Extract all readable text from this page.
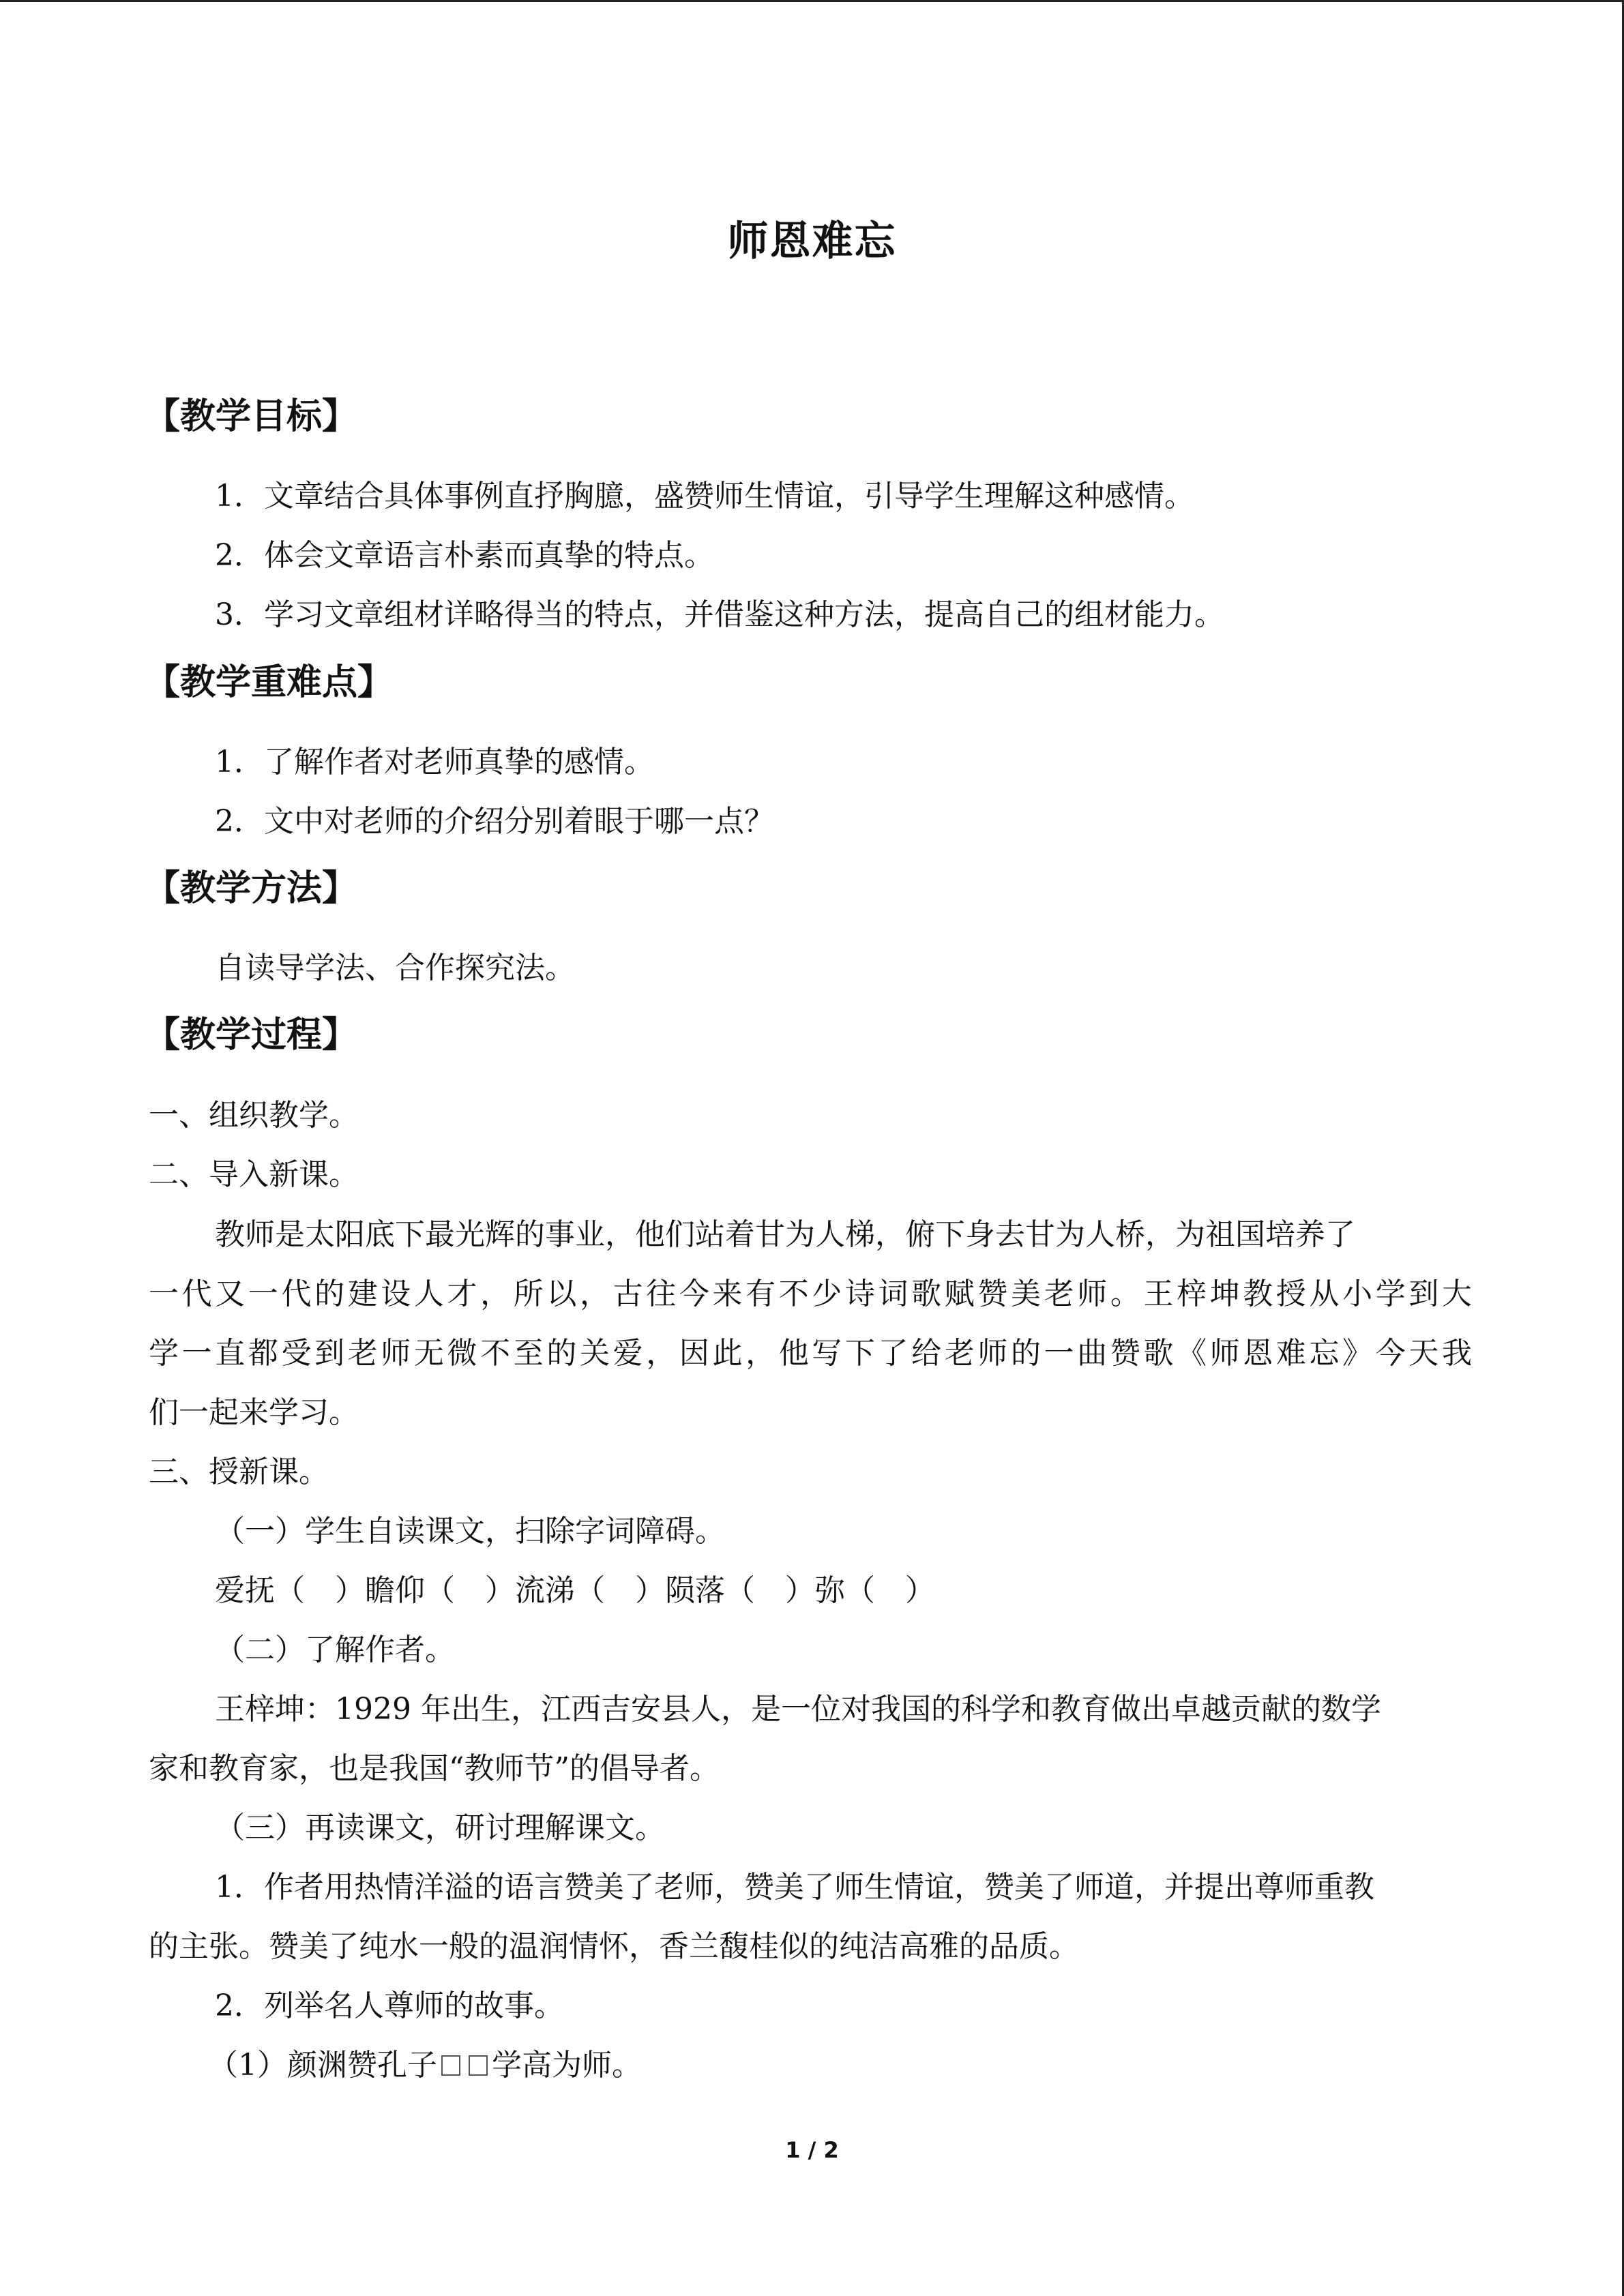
师恩难忘
【教学目标】
1．文章结合具体事例直抒胸臆，盛赞师生情谊，引导学生理解这种感情。
2．体会文章语言朴素而真挚的特点。
3．学习文章组材详略得当的特点，并借鉴这种方法，提高自己的组材能力。
【教学重难点】
1．了解作者对老师真挚的感情。
2．文中对老师的介绍分别着眼于哪一点？
【教学方法】
自读导学法、合作探究法。
【教学过程】
一、组织教学。
二、导入新课。
教师是太阳底下最光辉的事业，他们站着甘为人梯，俯下身去甘为人桥，为祖国培养了
一代又一代的建设人才，所以，古往今来有不少诗词歌赋赞美老师。王梓坤教授从小学到大
学一直都受到老师无微不至的关爱，因此，他写下了给老师的一曲赞歌《师恩难忘》今天我
们一起来学习。
三、授新课。
（一）学生自读课文，扫除字词障碍。
爱抚（　）瞻仰（　）流涕（　）陨落（　）弥（　）
（二）了解作者。
王梓坤：1929 年出生，江西吉安县人，是一位对我国的科学和教育做出卓越贡献的数学
家和教育家，也是我国“教师节”的倡导者。
（三）再读课文，研讨理解课文。
1．作者用热情洋溢的语言赞美了老师，赞美了师生情谊，赞美了师道，并提出尊师重教
的主张。赞美了纯水一般的温润情怀，香兰馥桂似的纯洁高雅的品质。
2．列举名人尊师的故事。
（1）颜渊赞孔子 学高为师。
1 / 2
